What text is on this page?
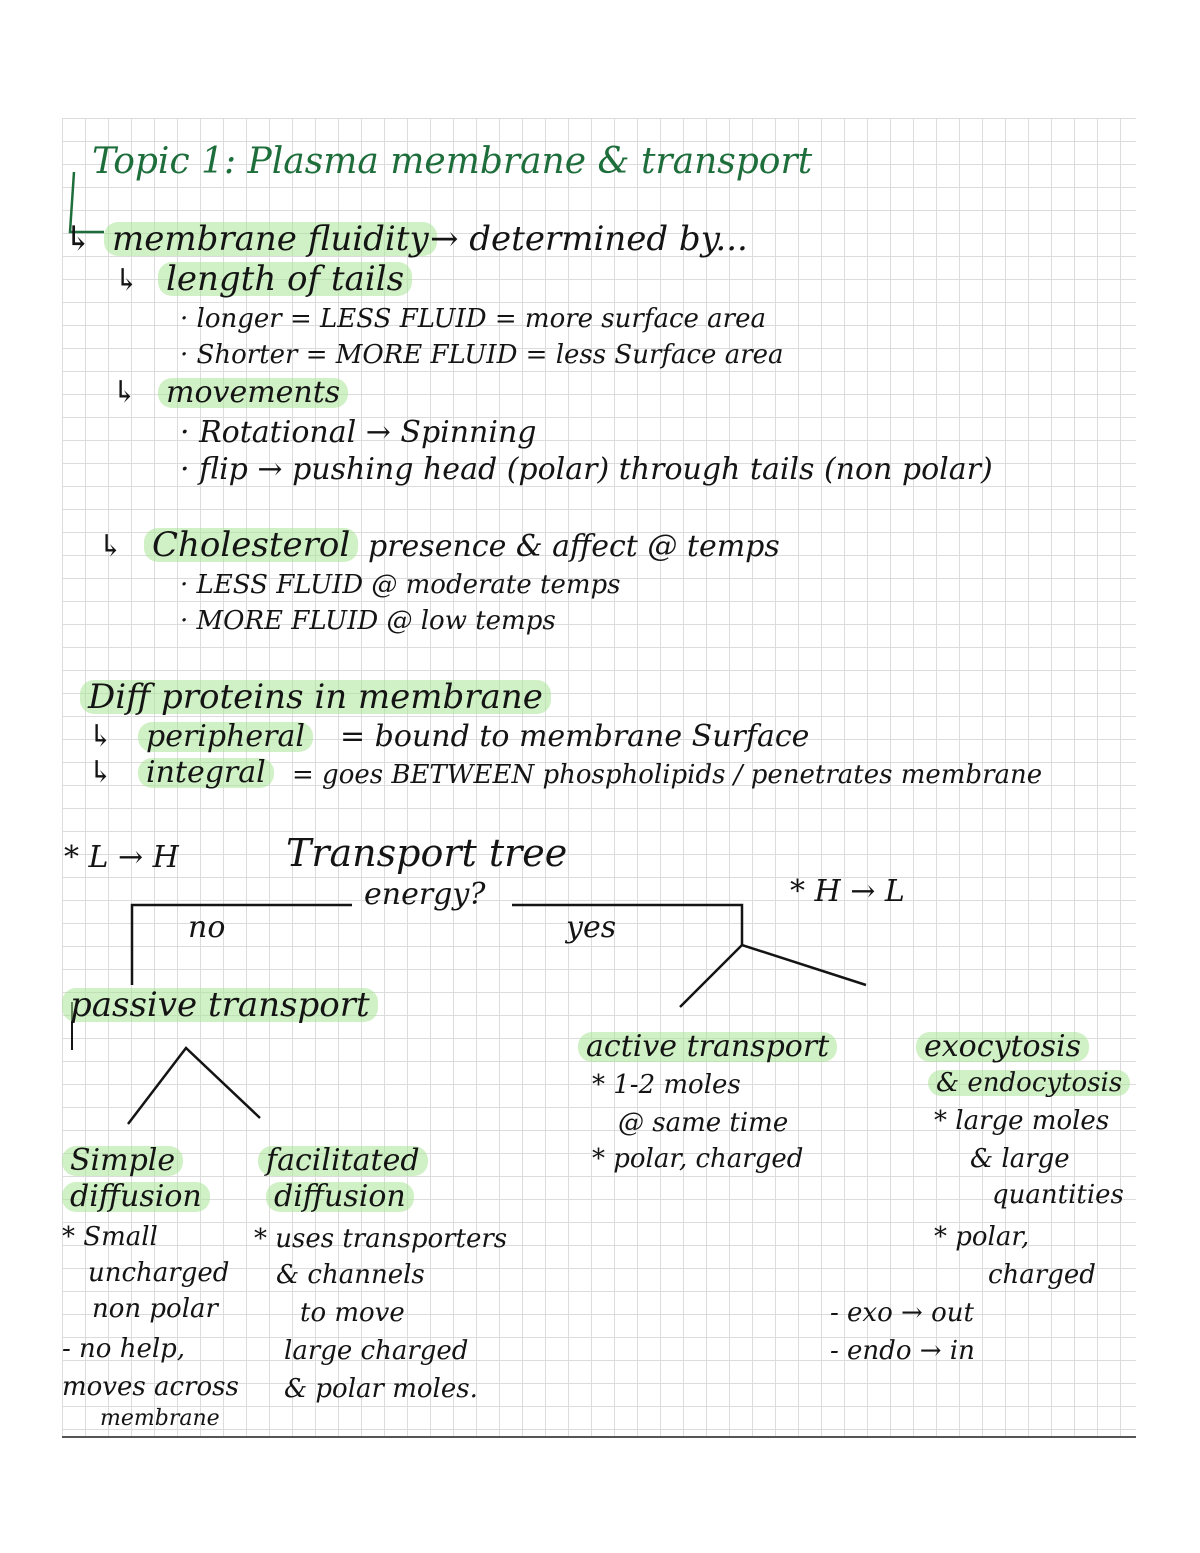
Topic 1: Plasma membrane & transport
↳ membrane fluidity → determined by...
↳ length of tails
· longer = LESS FLUID = more surface area
· Shorter = MORE FLUID = less Surface area
↳ movements
· Rotational → Spinning
· flip → pushing head (polar) through tails (non polar)
↳ Cholesterol presence & affect @ temps
· LESS FLUID @ moderate temps
· MORE FLUID @ low temps
Diff proteins in membrane
↳ peripheral = bound to membrane Surface
↳ integral	= goes BETWEEN phospholipids / penetrates membrane
* L → H	Transport tree
energy?	* H → L
no	yes
passive transport
Simple
diffusion
* Small
uncharged
non polar
- no help,
moves across
membrane
facilitated
diffusion
* uses transporters
& channels
to move
large charged
& polar moles.
active transport
* 1-2 moles
@ same time
* polar, charged
exocytosis
& endocytosis
* large moles
& large
quantities
* polar,
charged
- exo → out
- endo → in
